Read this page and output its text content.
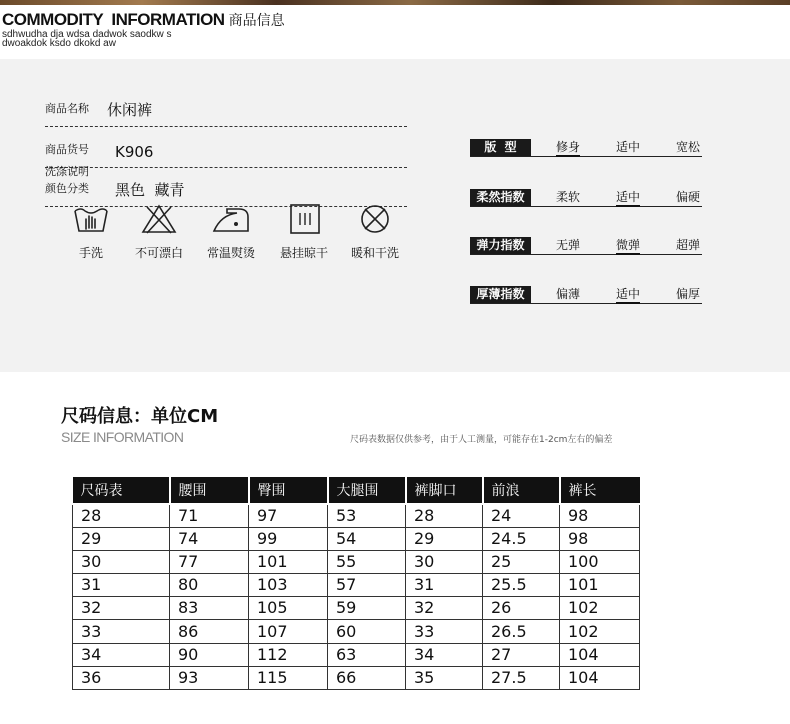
COMMODITY  INFORMATION 商品信息
sdhwudha dja wdsa dadwok saodkw s
dwoakdok ksdo dkokd aw
商品名称 休闲裤
商品货号 K906
颜色分类 黑色  藏青
洗涤说明
手洗	不可漂白	常温熨烫	悬挂晾干	暖和干洗
版  型	修身	适中	宽松
柔然指数	柔软	适中	偏硬
弹力指数	无弹	微弹	超弹
厚薄指数	偏薄	适中	偏厚
尺码信息：单位CM
SIZE INFORMATION	尺码表数据仅供参考，由于人工测量，可能存在1-2cm左右的偏差
尺码表	腰围	臀围	大腿围	裤脚口	前浪	裤长
28	71	97	53	28	24	98
29	74	99	54	29	24.5	98
30	77	101	55	30	25	100
31	80	103	57	31	25.5	101
32	83	105	59	32	26	102
33	86	107	60	33	26.5	102
34	90	112	63	34	27	104
36	93	115	66	35	27.5	104
